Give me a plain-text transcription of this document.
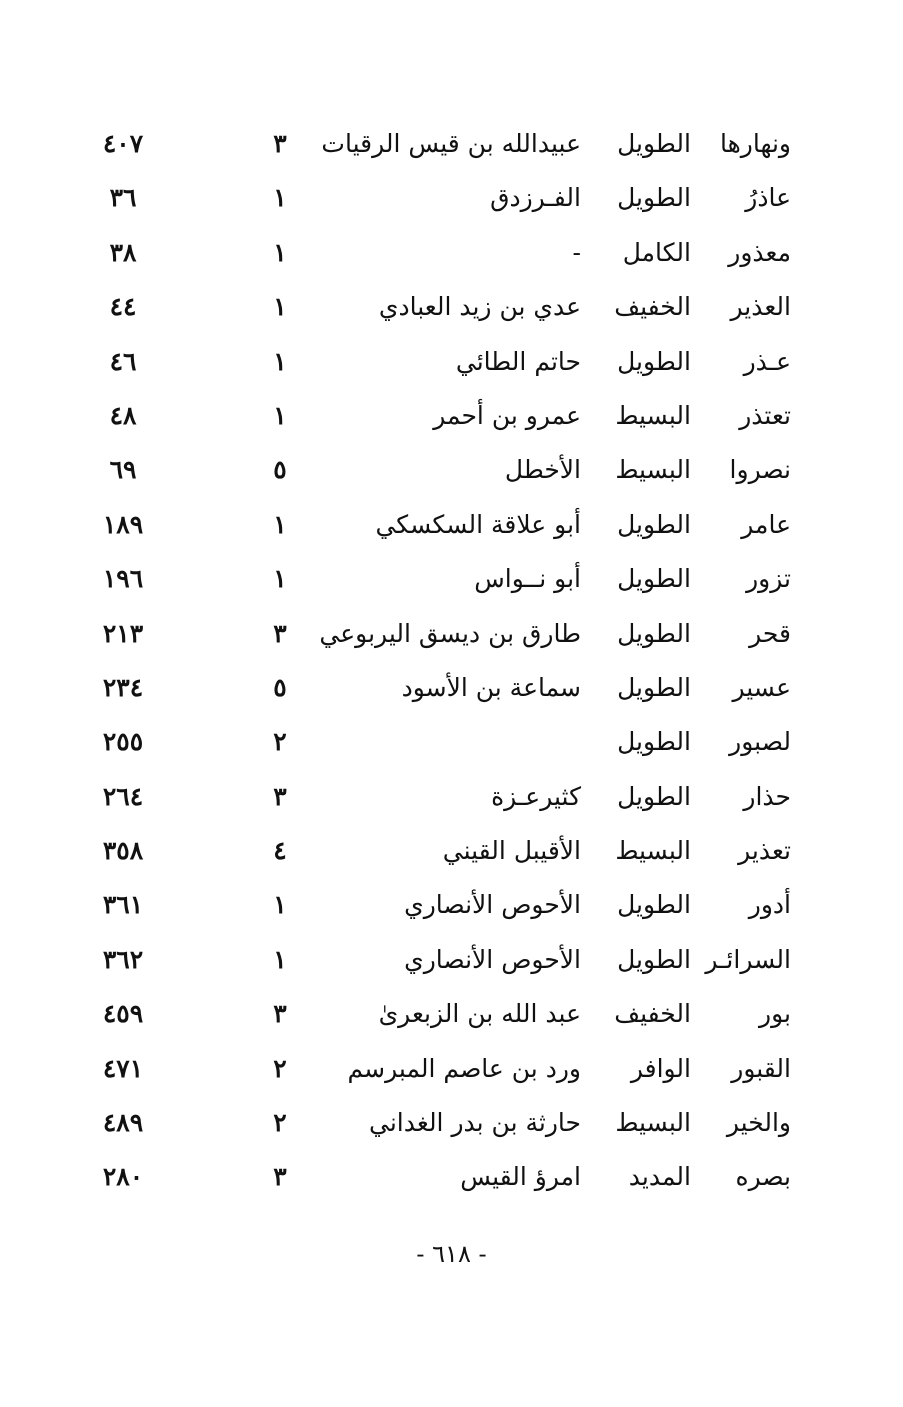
ونهارها
الطويل
عبيدالله بن قيس الرقيات
٣
٤٠٧
عاذرُ
الطويل
الفـرزدق
١
٣٦
معذور
الكامل
-
١
٣٨
العذير
الخفيف
عدي بن زيد العبادي
١
٤٤
عـذر
الطويل
حاتم الطائي
١
٤٦
تعتذر
البسيط
عمرو بن أحمر
١
٤٨
نصروا
البسيط
الأخطل
٥
٦٩
عامر
الطويل
أبو علاقة السكسكي
١
١٨٩
تزور
الطويل
أبو نــواس
١
١٩٦
قحر
الطويل
طارق بن ديسق اليربوعي
٣
٢١٣
عسير
الطويل
سماعة بن الأسود
٥
٢٣٤
لصبور
الطويل
٢
٢٥٥
حذار
الطويل
كثيرعـزة
٣
٢٦٤
تعذير
البسيط
الأقيبل القيني
٤
٣٥٨
أدور
الطويل
الأحوص الأنصاري
١
٣٦١
السرائـر
الطويل
الأحوص الأنصاري
١
٣٦٢
بور
الخفيف
عبد الله بن الزبعرىٰ
٣
٤٥٩
القبور
الوافر
ورد بن عاصم المبرسم
٢
٤٧١
والخير
البسيط
حارثة بن بدر الغداني
٢
٤٨٩
بصره
المديد
امرؤ القيس
٣
٢٨٠
- ٦١٨ -
